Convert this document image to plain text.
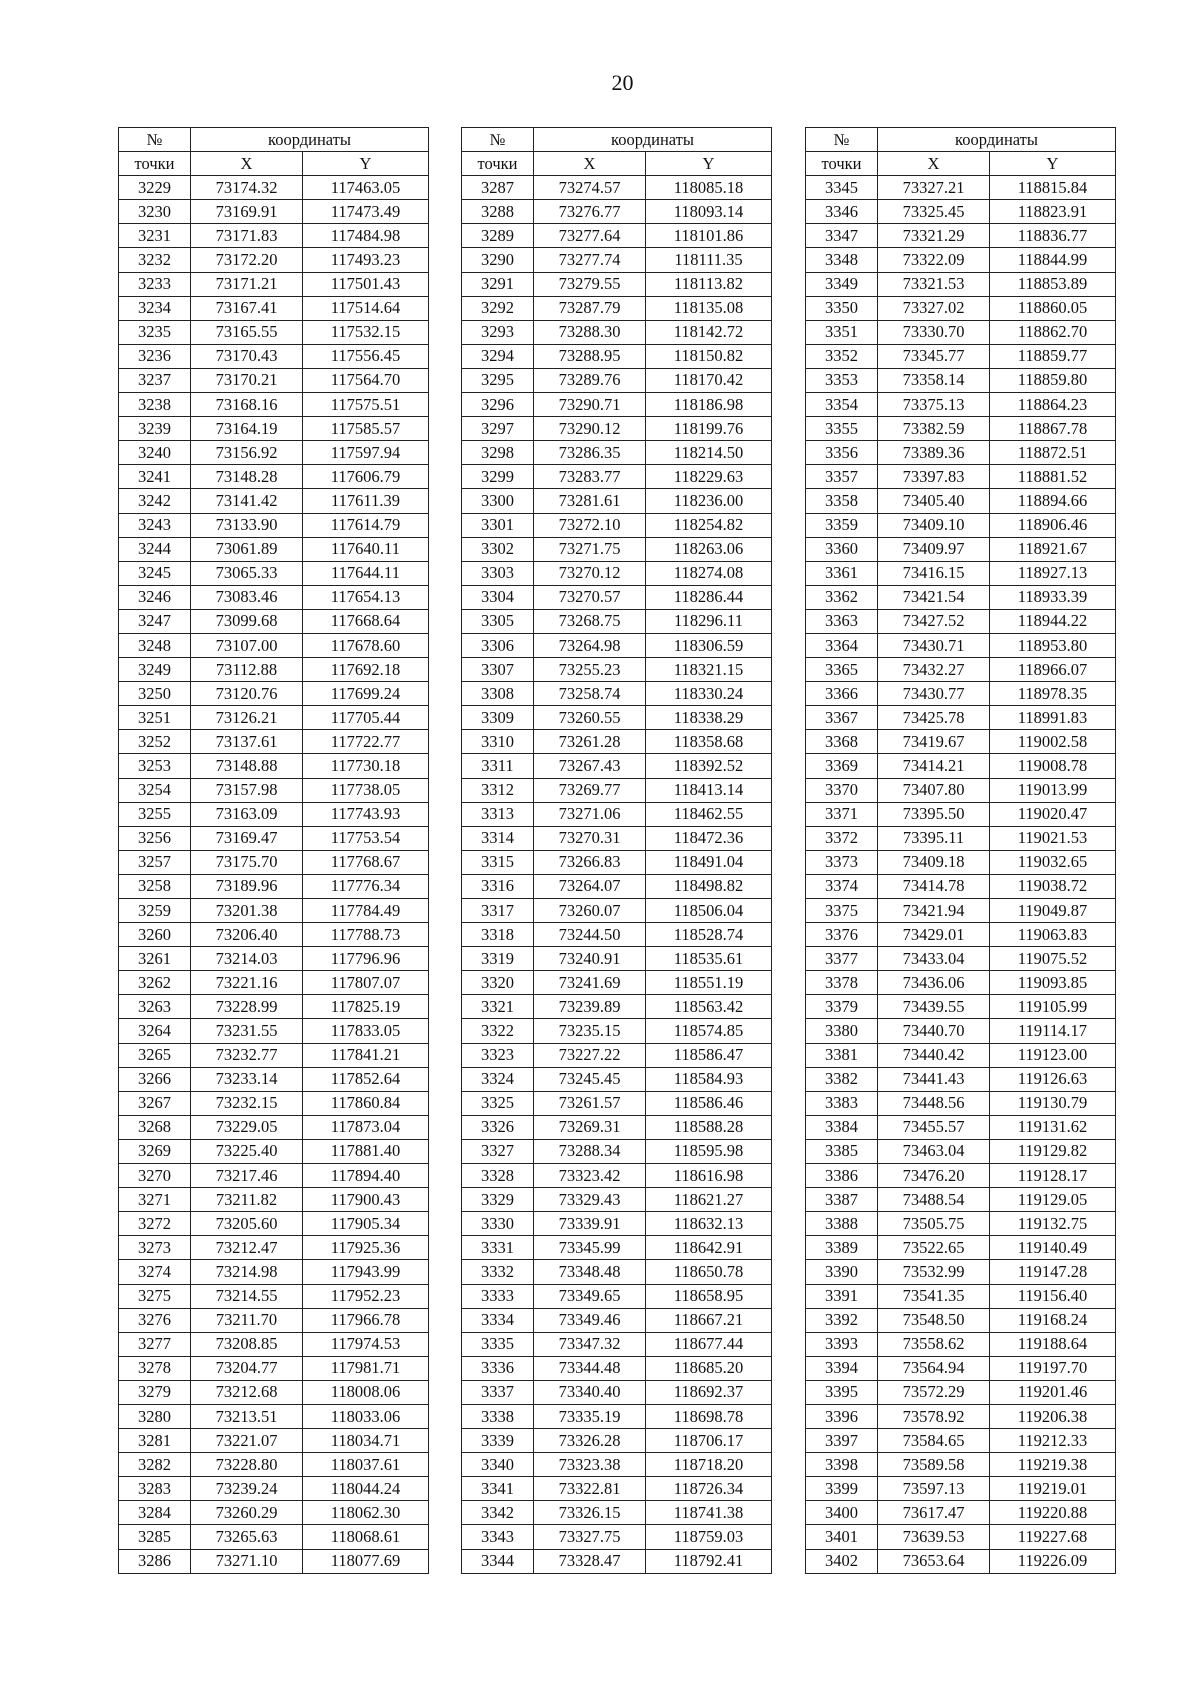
20
№	координаты	
точки	X	Y
3229	73174.32	117463.05
3230	73169.91	117473.49
3231	73171.83	117484.98
3232	73172.20	117493.23
3233	73171.21	117501.43
3234	73167.41	117514.64
3235	73165.55	117532.15
3236	73170.43	117556.45
3237	73170.21	117564.70
3238	73168.16	117575.51
3239	73164.19	117585.57
3240	73156.92	117597.94
3241	73148.28	117606.79
3242	73141.42	117611.39
3243	73133.90	117614.79
3244	73061.89	117640.11
3245	73065.33	117644.11
3246	73083.46	117654.13
3247	73099.68	117668.64
3248	73107.00	117678.60
3249	73112.88	117692.18
3250	73120.76	117699.24
3251	73126.21	117705.44
3252	73137.61	117722.77
3253	73148.88	117730.18
3254	73157.98	117738.05
3255	73163.09	117743.93
3256	73169.47	117753.54
3257	73175.70	117768.67
3258	73189.96	117776.34
3259	73201.38	117784.49
3260	73206.40	117788.73
3261	73214.03	117796.96
3262	73221.16	117807.07
3263	73228.99	117825.19
3264	73231.55	117833.05
3265	73232.77	117841.21
3266	73233.14	117852.64
3267	73232.15	117860.84
3268	73229.05	117873.04
3269	73225.40	117881.40
3270	73217.46	117894.40
3271	73211.82	117900.43
3272	73205.60	117905.34
3273	73212.47	117925.36
3274	73214.98	117943.99
3275	73214.55	117952.23
3276	73211.70	117966.78
3277	73208.85	117974.53
3278	73204.77	117981.71
3279	73212.68	118008.06
3280	73213.51	118033.06
3281	73221.07	118034.71
3282	73228.80	118037.61
3283	73239.24	118044.24
3284	73260.29	118062.30
3285	73265.63	118068.61
3286	73271.10	118077.69
№	координаты	
точки	X	Y
3287	73274.57	118085.18
3288	73276.77	118093.14
3289	73277.64	118101.86
3290	73277.74	118111.35
3291	73279.55	118113.82
3292	73287.79	118135.08
3293	73288.30	118142.72
3294	73288.95	118150.82
3295	73289.76	118170.42
3296	73290.71	118186.98
3297	73290.12	118199.76
3298	73286.35	118214.50
3299	73283.77	118229.63
3300	73281.61	118236.00
3301	73272.10	118254.82
3302	73271.75	118263.06
3303	73270.12	118274.08
3304	73270.57	118286.44
3305	73268.75	118296.11
3306	73264.98	118306.59
3307	73255.23	118321.15
3308	73258.74	118330.24
3309	73260.55	118338.29
3310	73261.28	118358.68
3311	73267.43	118392.52
3312	73269.77	118413.14
3313	73271.06	118462.55
3314	73270.31	118472.36
3315	73266.83	118491.04
3316	73264.07	118498.82
3317	73260.07	118506.04
3318	73244.50	118528.74
3319	73240.91	118535.61
3320	73241.69	118551.19
3321	73239.89	118563.42
3322	73235.15	118574.85
3323	73227.22	118586.47
3324	73245.45	118584.93
3325	73261.57	118586.46
3326	73269.31	118588.28
3327	73288.34	118595.98
3328	73323.42	118616.98
3329	73329.43	118621.27
3330	73339.91	118632.13
3331	73345.99	118642.91
3332	73348.48	118650.78
3333	73349.65	118658.95
3334	73349.46	118667.21
3335	73347.32	118677.44
3336	73344.48	118685.20
3337	73340.40	118692.37
3338	73335.19	118698.78
3339	73326.28	118706.17
3340	73323.38	118718.20
3341	73322.81	118726.34
3342	73326.15	118741.38
3343	73327.75	118759.03
3344	73328.47	118792.41
№	координаты	
точки	X	Y
3345	73327.21	118815.84
3346	73325.45	118823.91
3347	73321.29	118836.77
3348	73322.09	118844.99
3349	73321.53	118853.89
3350	73327.02	118860.05
3351	73330.70	118862.70
3352	73345.77	118859.77
3353	73358.14	118859.80
3354	73375.13	118864.23
3355	73382.59	118867.78
3356	73389.36	118872.51
3357	73397.83	118881.52
3358	73405.40	118894.66
3359	73409.10	118906.46
3360	73409.97	118921.67
3361	73416.15	118927.13
3362	73421.54	118933.39
3363	73427.52	118944.22
3364	73430.71	118953.80
3365	73432.27	118966.07
3366	73430.77	118978.35
3367	73425.78	118991.83
3368	73419.67	119002.58
3369	73414.21	119008.78
3370	73407.80	119013.99
3371	73395.50	119020.47
3372	73395.11	119021.53
3373	73409.18	119032.65
3374	73414.78	119038.72
3375	73421.94	119049.87
3376	73429.01	119063.83
3377	73433.04	119075.52
3378	73436.06	119093.85
3379	73439.55	119105.99
3380	73440.70	119114.17
3381	73440.42	119123.00
3382	73441.43	119126.63
3383	73448.56	119130.79
3384	73455.57	119131.62
3385	73463.04	119129.82
3386	73476.20	119128.17
3387	73488.54	119129.05
3388	73505.75	119132.75
3389	73522.65	119140.49
3390	73532.99	119147.28
3391	73541.35	119156.40
3392	73548.50	119168.24
3393	73558.62	119188.64
3394	73564.94	119197.70
3395	73572.29	119201.46
3396	73578.92	119206.38
3397	73584.65	119212.33
3398	73589.58	119219.38
3399	73597.13	119219.01
3400	73617.47	119220.88
3401	73639.53	119227.68
3402	73653.64	119226.09
